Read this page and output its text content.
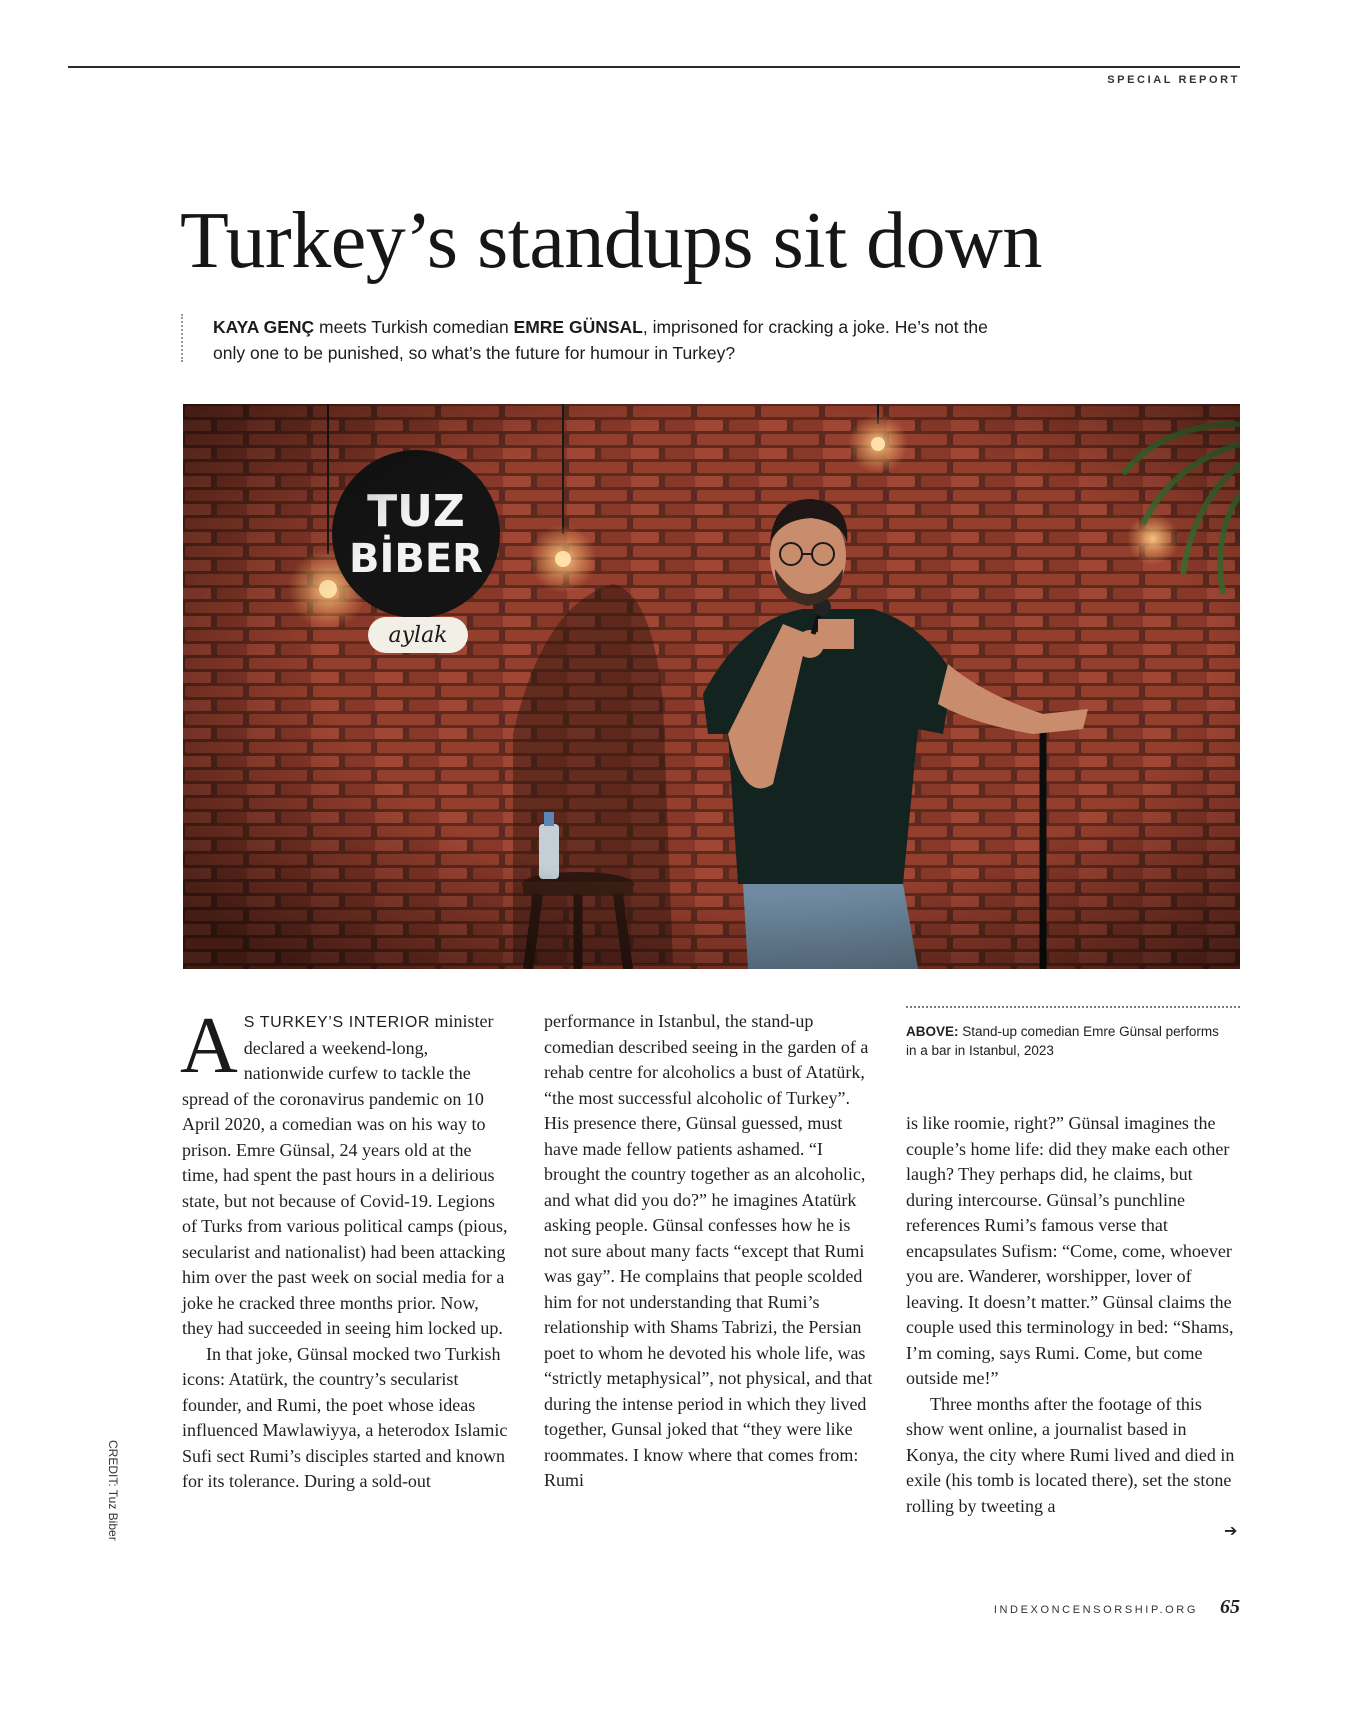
SPECIAL REPORT
Turkey’s standups sit down
KAYA GENÇ meets Turkish comedian EMRE GÜNSAL, imprisoned for cracking a joke. He’s not the only one to be punished, so what’s the future for humour in Turkey?

A S TURKEY’S INTERIOR minister declared a weekend-long, nationwide curfew to tackle the spread of the coronavirus pandemic on 10 April 2020, a comedian was on his way to prison. Emre Günsal, 24 years old at the time, had spent the past hours in a delirious state, but not because of Covid-19. Legions of Turks from various political camps (pious, secularist and nationalist) had been attacking him over the past week on social media for a joke he cracked three months prior. Now, they had succeeded in seeing him locked up.

In that joke, Günsal mocked two Turkish icons: Atatürk, the country’s secularist founder, and Rumi, the poet whose ideas influenced Mawlawiyya, a heterodox Islamic Sufi sect Rumi’s disciples started and known for its tolerance. During a sold-out

performance in Istanbul, the stand-up comedian described seeing in the garden of a rehab centre for alcoholics a bust of Atatürk, “the most successful alcoholic of Turkey”. His presence there, Günsal guessed, must have made fellow patients ashamed. “I brought the country together as an alcoholic, and what did you do?” he imagines Atatürk asking people. Günsal confesses how he is not sure about many facts “except that Rumi was gay”. He complains that people scolded him for not understanding that Rumi’s relationship with Shams Tabrizi, the Persian poet to whom he devoted his whole life, was “strictly metaphysical”, not physical, and that during the intense period in which they lived together, Gunsal joked that “they were like roommates. I know where that comes from: Rumi

ABOVE: Stand-up comedian Emre Günsal performs in a bar in Istanbul, 2023

is like roomie, right?” Günsal imagines the couple’s home life: did they make each other laugh? They perhaps did, he claims, but during intercourse. Günsal’s punchline references Rumi’s famous verse that encapsulates Sufism: “Come, come, whoever you are. Wanderer, worshipper, lover of leaving. It doesn’t matter.” Günsal claims the couple used this terminology in bed: “Shams, I’m coming, says Rumi. Come, but come outside me!”

Three months after the footage of this show went online, a journalist based in Konya, the city where Rumi lived and died in exile (his tomb is located there), set the stone rolling by tweeting a

➔
CREDIT: Tuz Biber
INDEXONCENSORSHIP.ORG 65
